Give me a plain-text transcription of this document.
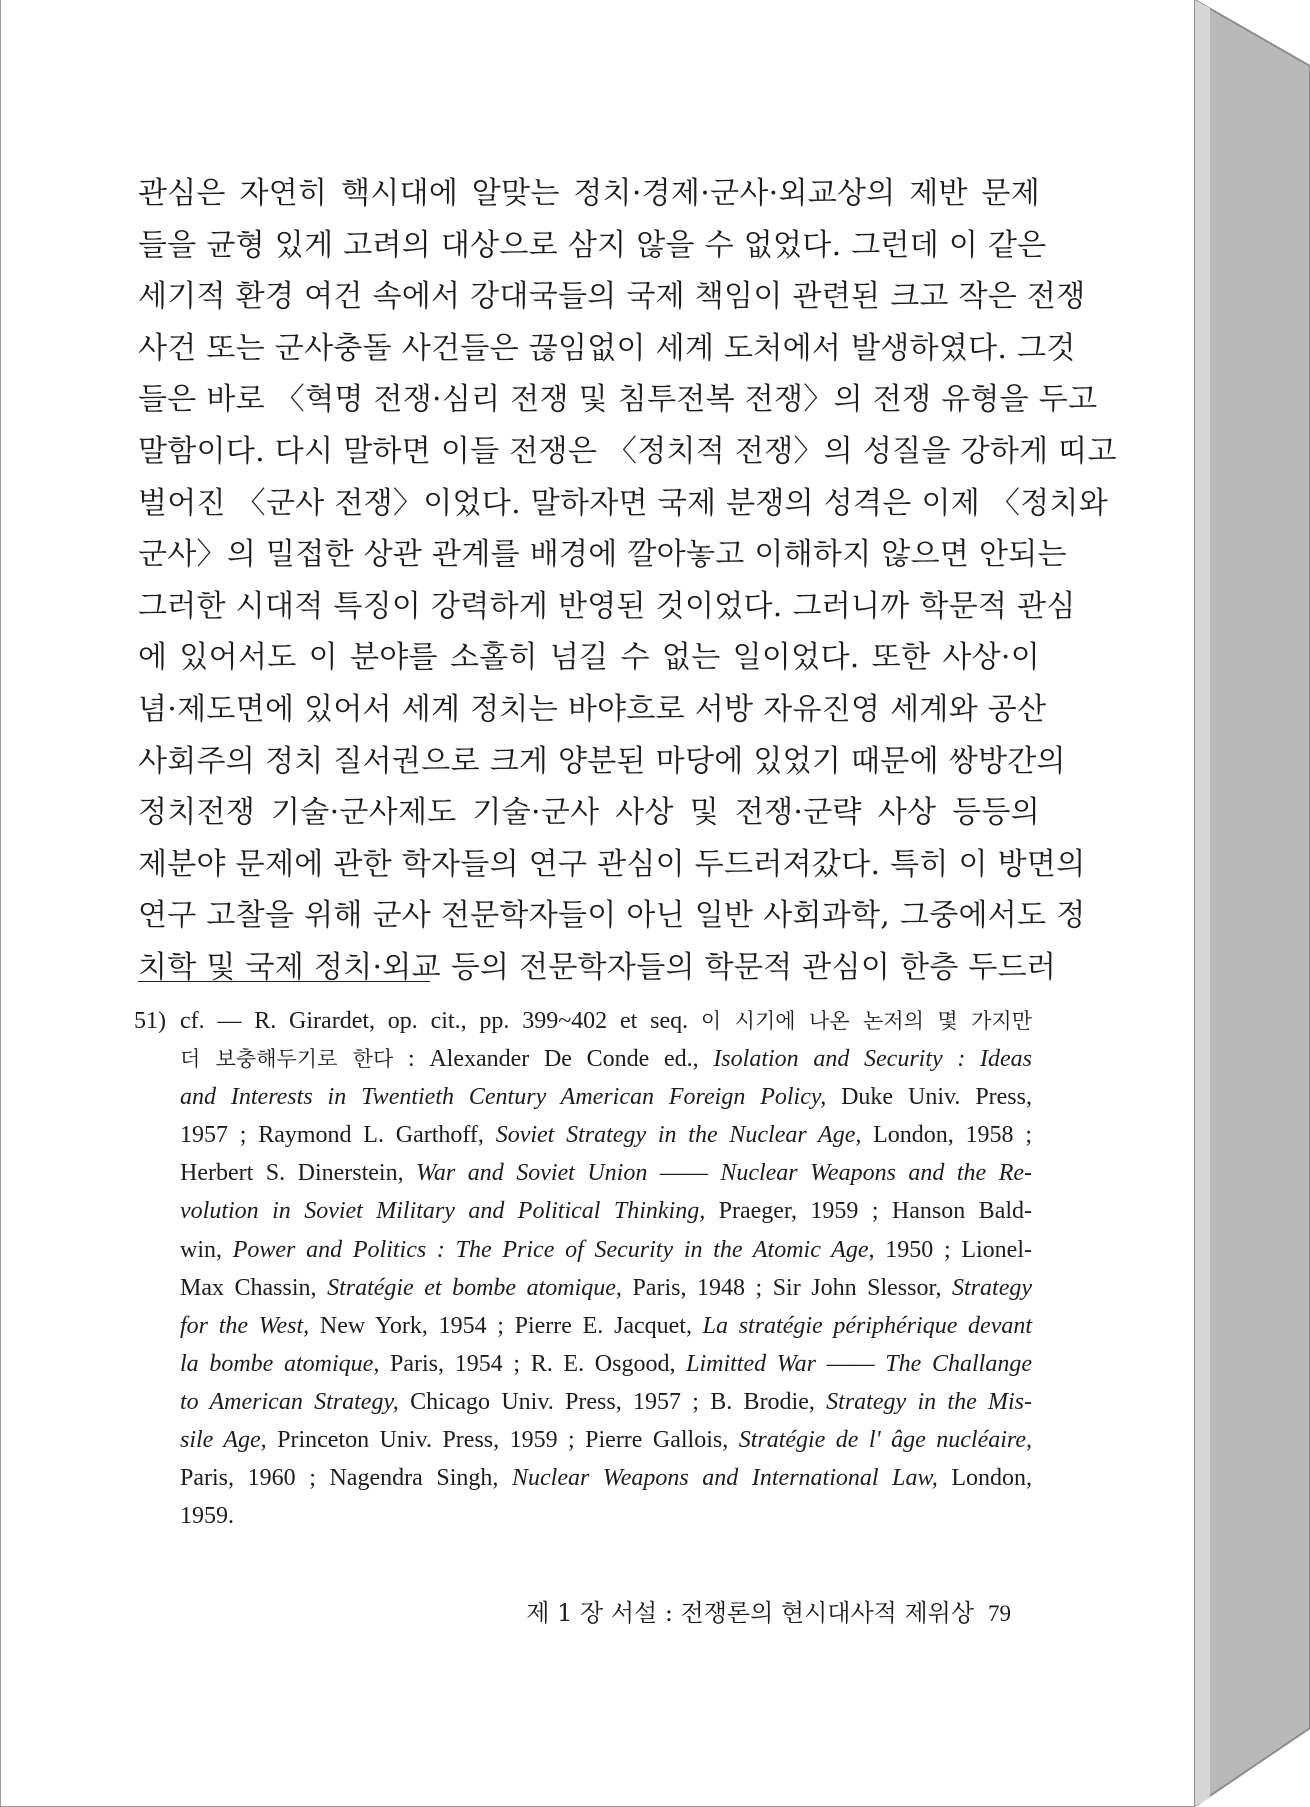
관심은 자연히 핵시대에 알맞는 정치·경제·군사·외교상의 제반 문제
들을 균형 있게 고려의 대상으로 삼지 않을 수 없었다. 그런데 이 같은
세기적 환경 여건 속에서 강대국들의 국제 책임이 관련된 크고 작은 전쟁
사건 또는 군사충돌 사건들은 끊임없이 세계 도처에서 발생하였다. 그것
들은 바로 〈혁명 전쟁·심리 전쟁 및 침투전복 전쟁〉의 전쟁 유형을 두고
말함이다. 다시 말하면 이들 전쟁은 〈정치적 전쟁〉의 성질을 강하게 띠고
벌어진 〈군사 전쟁〉이었다. 말하자면 국제 분쟁의 성격은 이제 〈정치와
군사〉의 밀접한 상관 관계를 배경에 깔아놓고 이해하지 않으면 안되는
그러한 시대적 특징이 강력하게 반영된 것이었다. 그러니까 학문적 관심
에 있어서도 이 분야를 소홀히 넘길 수 없는 일이었다. 또한 사상·이
념·제도면에 있어서 세계 정치는 바야흐로 서방 자유진영 세계와 공산
사회주의 정치 질서권으로 크게 양분된 마당에 있었기 때문에 쌍방간의
정치전쟁 기술·군사제도 기술·군사 사상 및 전쟁·군략 사상 등등의
제분야 문제에 관한 학자들의 연구 관심이 두드러져갔다. 특히 이 방면의
연구 고찰을 위해 군사 전문학자들이 아닌 일반 사회과학, 그중에서도 정
치학 및 국제 정치·외교 등의 전문학자들의 학문적 관심이 한층 두드러
51) cf. — R. Girardet, op. cit., pp. 399~402 et seq. 이 시기에 나온 논저의 몇 가지만
더 보충해두기로 한다 : Alexander De Conde ed., Isolation and Security : Ideas
and Interests in Twentieth Century American Foreign Policy, Duke Univ. Press,
1957 ; Raymond L. Garthoff, Soviet Strategy in the Nuclear Age, London, 1958 ;
Herbert S. Dinerstein, War and Soviet Union ―― Nuclear Weapons and the Re-
volution in Soviet Military and Political Thinking, Praeger, 1959 ; Hanson Bald-
win, Power and Politics : The Price of Security in the Atomic Age, 1950 ; Lionel-
Max Chassin, Stratégie et bombe atomique, Paris, 1948 ; Sir John Slessor, Strategy
for the West, New York, 1954 ; Pierre E. Jacquet, La stratégie périphérique devant
la bombe atomique, Paris, 1954 ; R. E. Osgood, Limitted War ―― The Challange
to American Strategy, Chicago Univ. Press, 1957 ; B. Brodie, Strategy in the Mis-
sile Age, Princeton Univ. Press, 1959 ; Pierre Gallois, Stratégie de l' âge nucléaire,
Paris, 1960 ; Nagendra Singh, Nuclear Weapons and International Law, London,
1959.
제 1 장 서설 : 전쟁론의 현시대사적 제위상 79
